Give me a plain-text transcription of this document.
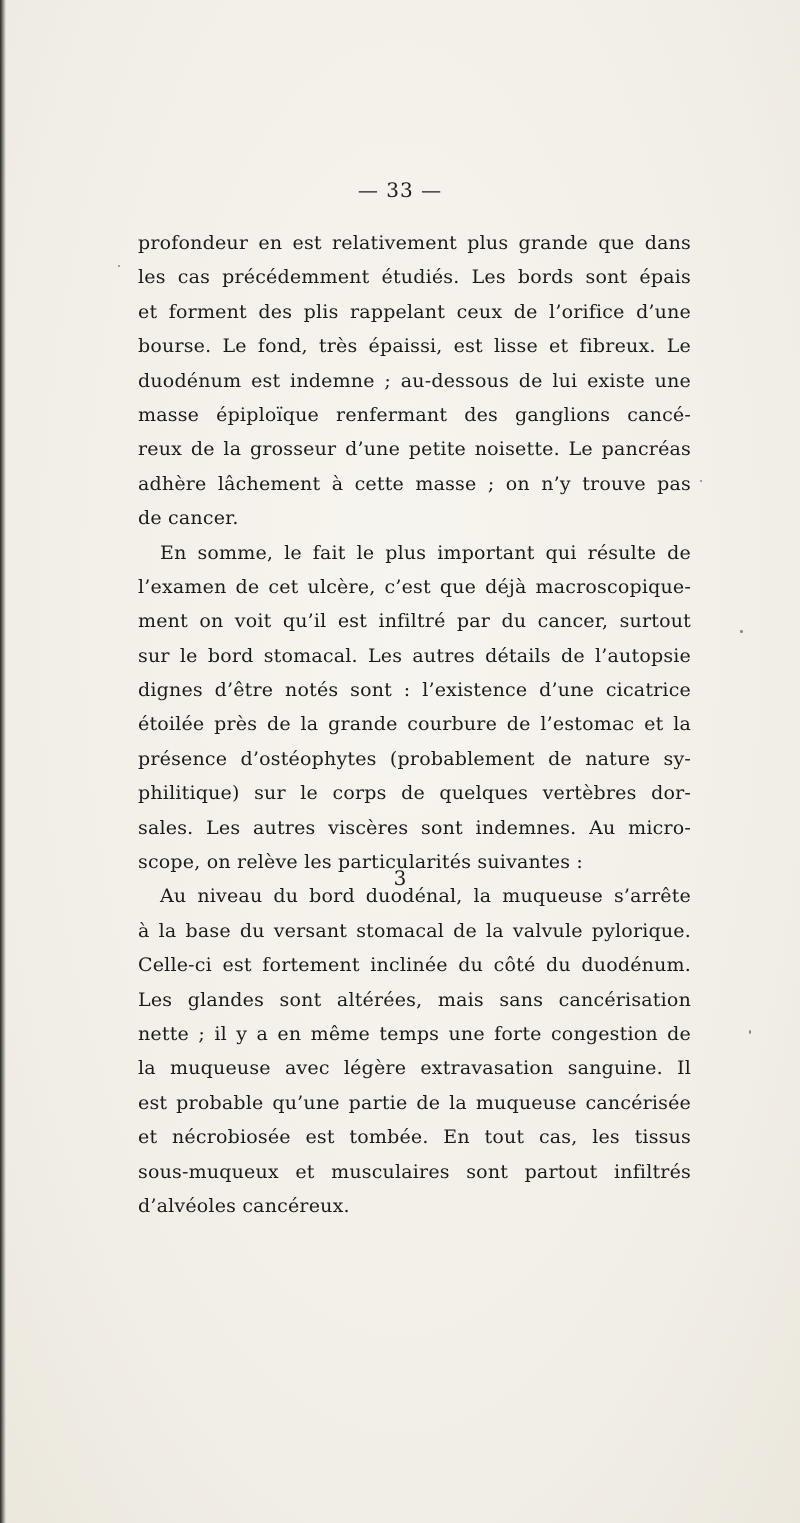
— 33 —
profondeur en est relativement plus grande que dans
les cas précédemment étudiés. Les bords sont épais
et forment des plis rappelant ceux de l’orifice d’une
bourse. Le fond, très épaissi, est lisse et fibreux. Le
duodénum est indemne ; au-dessous de lui existe une
masse épiploïque renfermant des ganglions cancé-
reux de la grosseur d’une petite noisette. Le pancréas
adhère lâchement à cette masse ; on n’y trouve pas
de cancer.
En somme, le fait le plus important qui résulte de
l’examen de cet ulcère, c’est que déjà macroscopique-
ment on voit qu’il est infiltré par du cancer, surtout
sur le bord stomacal. Les autres détails de l’autopsie
dignes d’être notés sont : l’existence d’une cicatrice
étoilée près de la grande courbure de l’estomac et la
présence d’ostéophytes (probablement de nature sy-
philitique) sur le corps de quelques vertèbres dor-
sales. Les autres viscères sont indemnes. Au micro-
scope, on relève les particularités suivantes :
Au niveau du bord duodénal, la muqueuse s’arrête
à la base du versant stomacal de la valvule pylorique.
Celle-ci est fortement inclinée du côté du duodénum.
Les glandes sont altérées, mais sans cancérisation
nette ; il y a en même temps une forte congestion de
la muqueuse avec légère extravasation sanguine. Il
est probable qu’une partie de la muqueuse cancérisée
et nécrobiosée est tombée. En tout cas, les tissus
sous-muqueux et musculaires sont partout infiltrés
d’alvéoles cancéreux.
3
